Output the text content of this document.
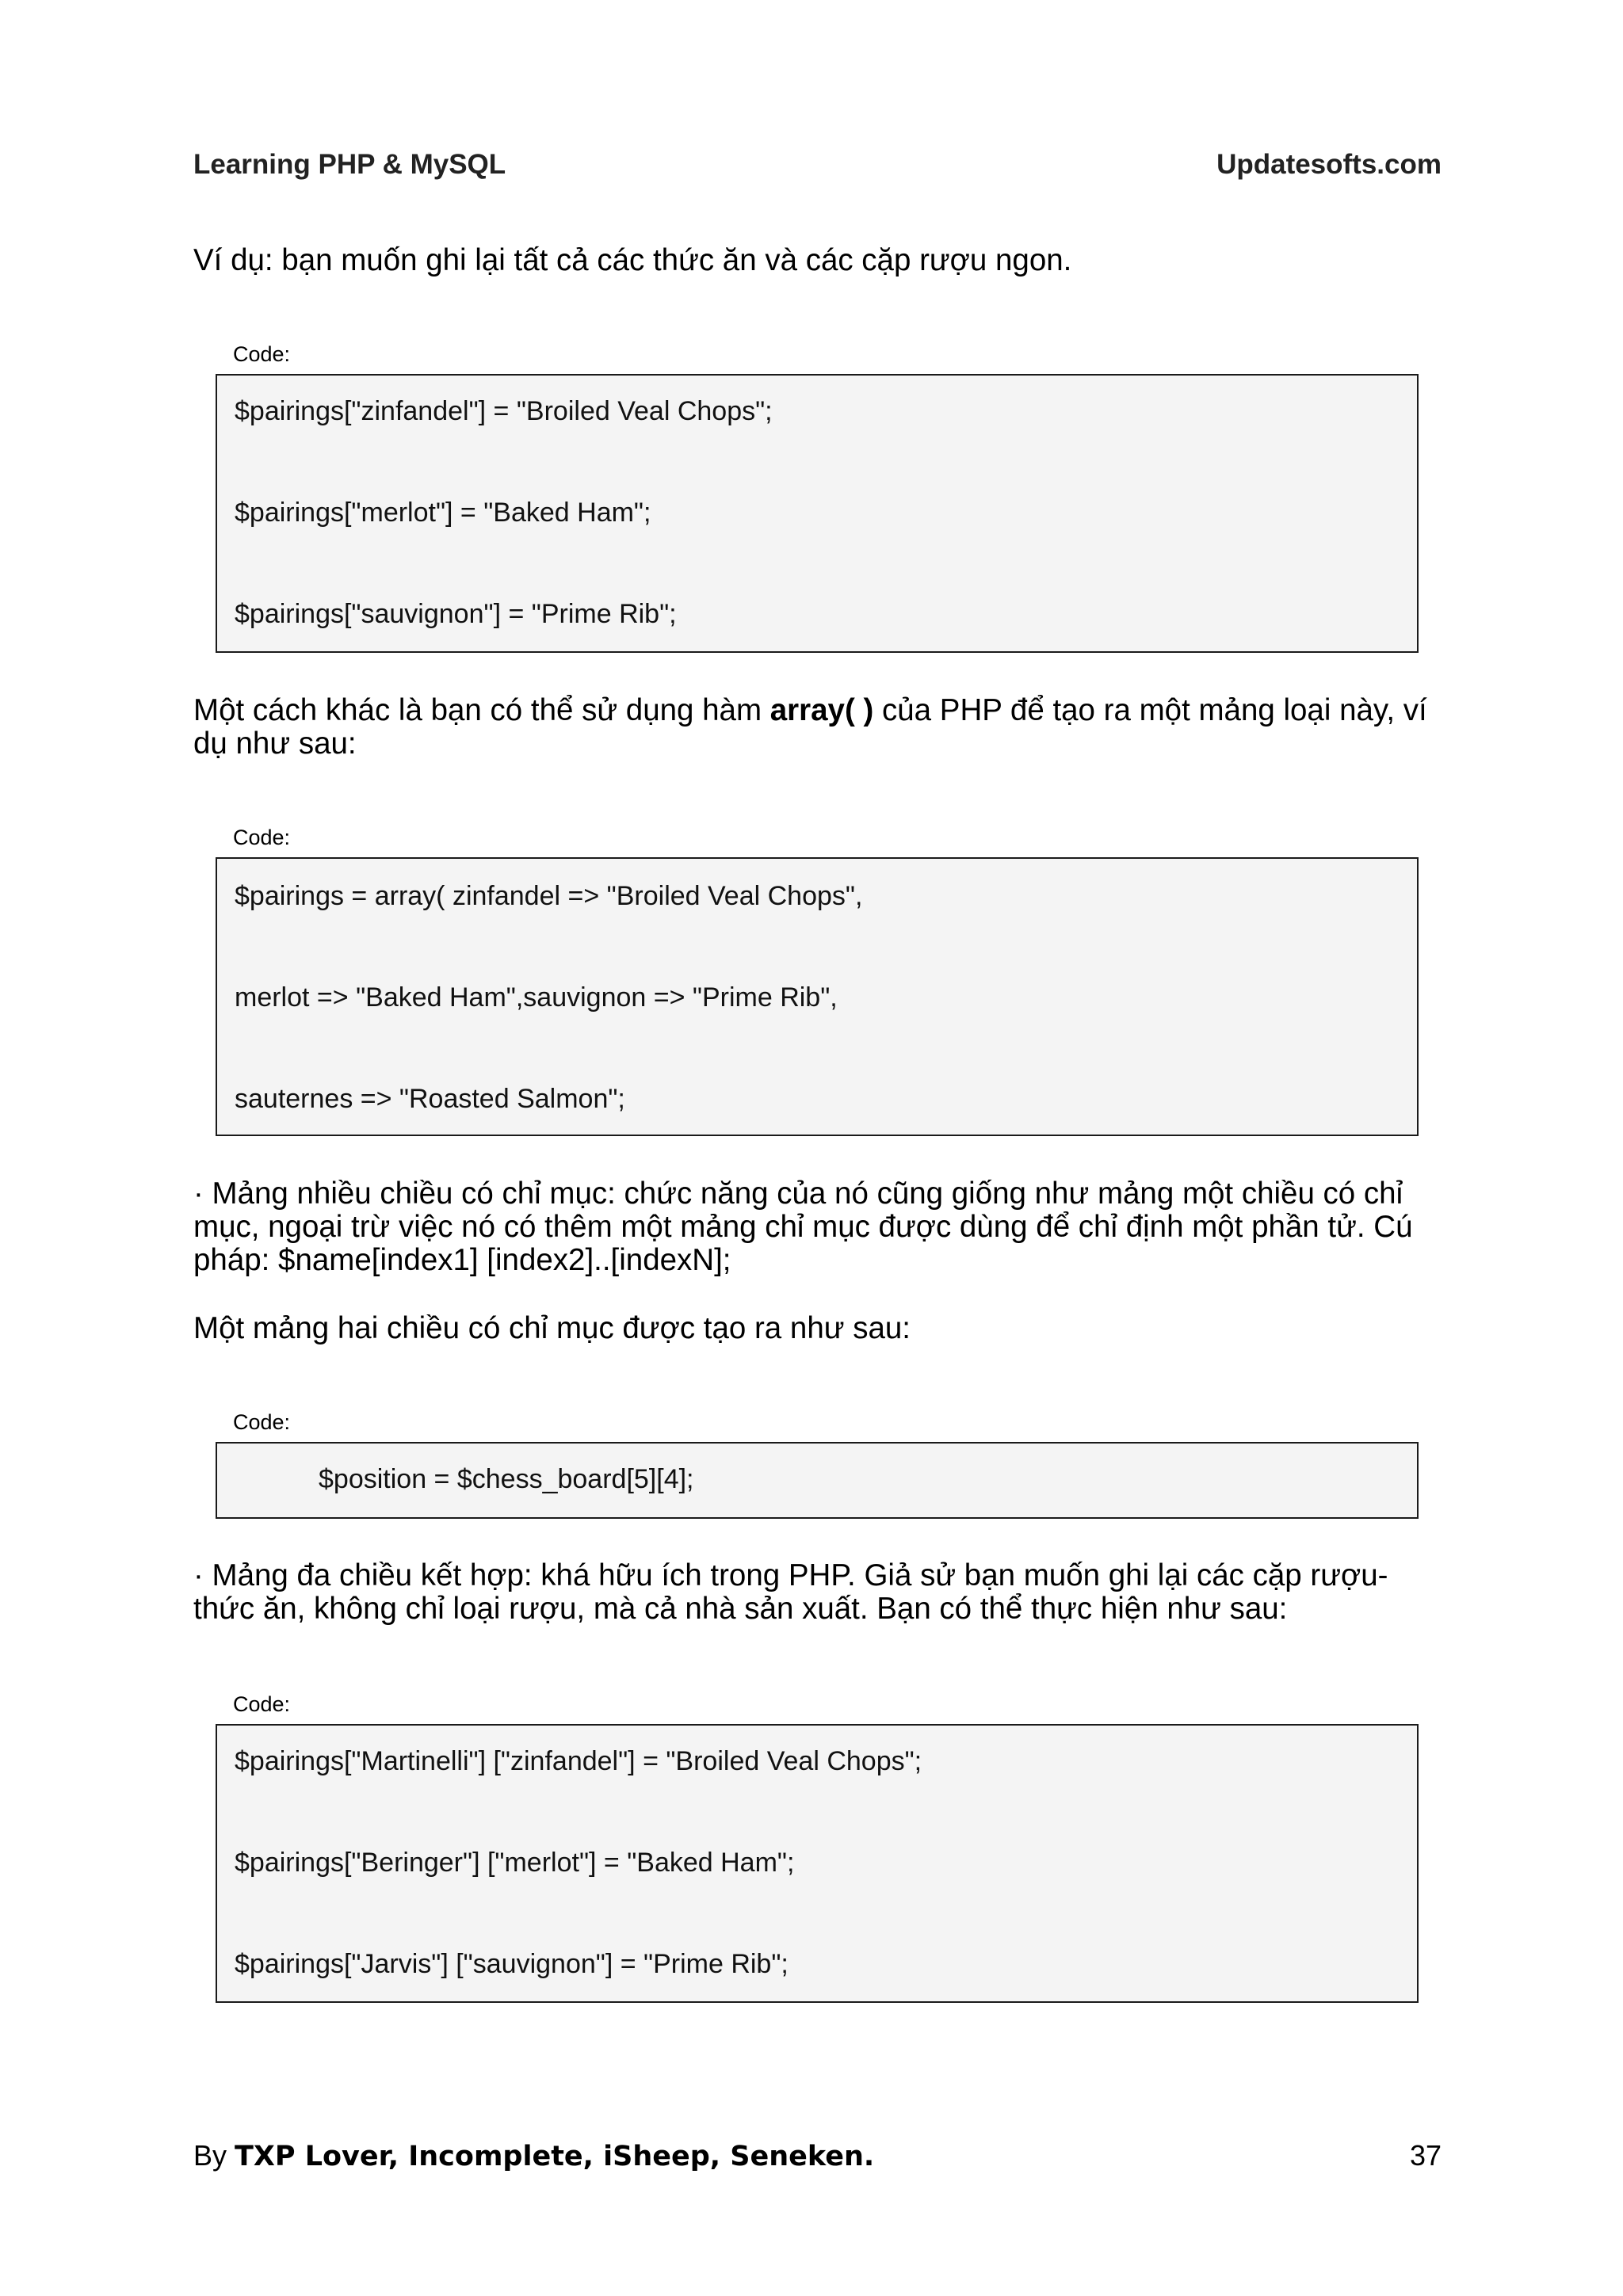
Learning PHP & MySQL	Updatesofts.com

Ví dụ: bạn muốn ghi lại tất cả các thức ăn và các cặp rượu ngon.

Code:
$pairings["zinfandel"] = "Broiled Veal Chops";
$pairings["merlot"] = "Baked Ham";
$pairings["sauvignon"] = "Prime Rib";

Một cách khác là bạn có thể sử dụng hàm array( ) của PHP để tạo ra một mảng loại này, ví dụ như sau:

Code:
$pairings = array( zinfandel => "Broiled Veal Chops",
merlot => "Baked Ham",sauvignon => "Prime Rib",
sauternes => "Roasted Salmon";

· Mảng nhiều chiều có chỉ mục: chức năng của nó cũng giống như mảng một chiều có chỉ mục, ngoại trừ việc nó có thêm một mảng chỉ mục được dùng để chỉ định một phần tử. Cú pháp: $name[index1] [index2]..[indexN];

Một mảng hai chiều có chỉ mục được tạo ra như sau:

Code:
$position = $chess_board[5][4];

· Mảng đa chiều kết hợp: khá hữu ích trong PHP. Giả sử bạn muốn ghi lại các cặp rượu-thức ăn, không chỉ loại rượu, mà cả nhà sản xuất. Bạn có thể thực hiện như sau:

Code:
$pairings["Martinelli"] ["zinfandel"] = "Broiled Veal Chops";
$pairings["Beringer"] ["merlot"] = "Baked Ham";
$pairings["Jarvis"] ["sauvignon"] = "Prime Rib";
By TXP Lover, Incomplete, iSheep, Seneken.	37
